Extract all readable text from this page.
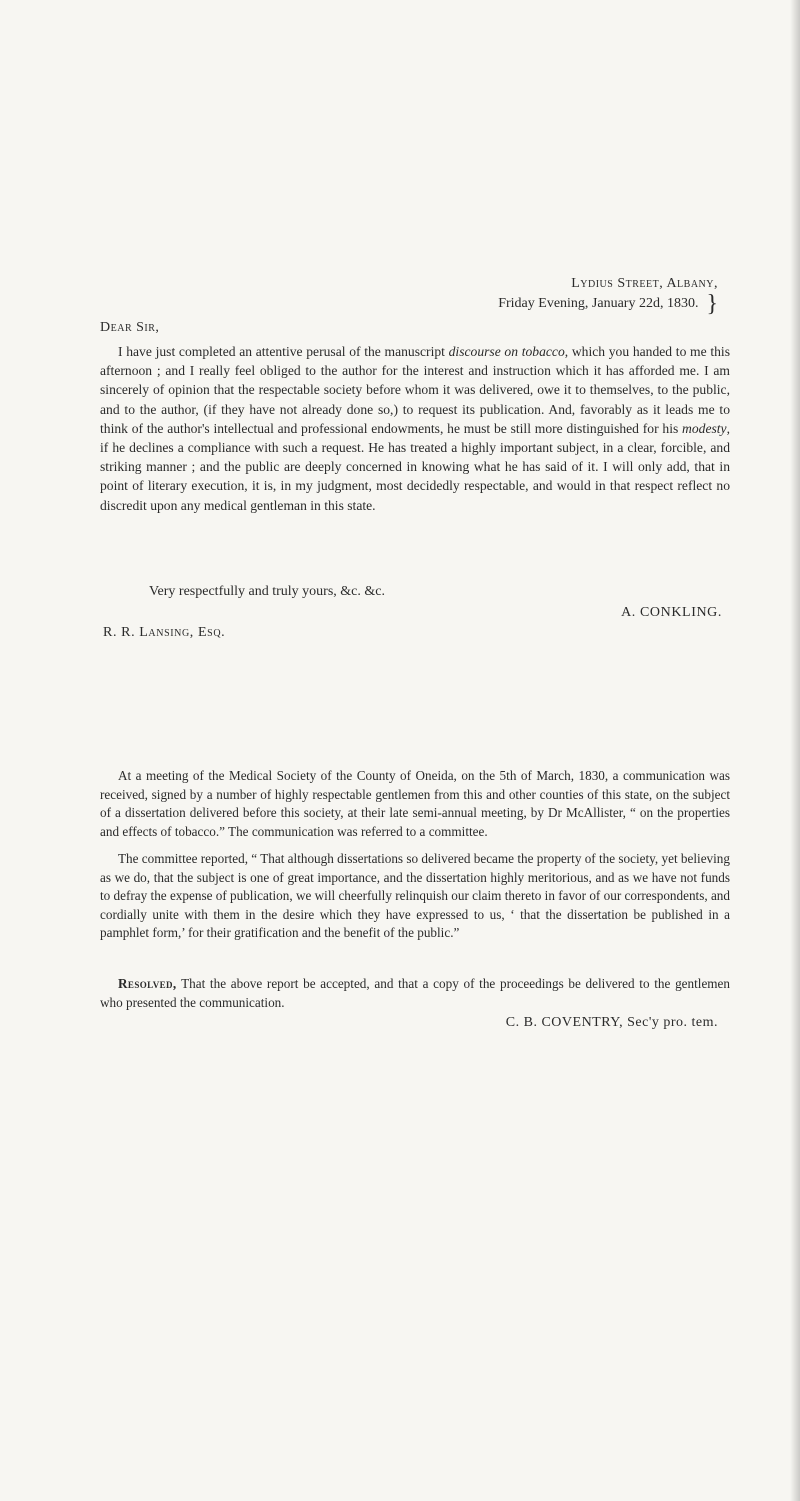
Lydius Street, Albany,
Friday Evening, January 22d, 1830. }
Dear Sir,
I have just completed an attentive perusal of the manuscript discourse on tobacco, which you handed to me this afternoon ; and I really feel obliged to the author for the interest and instruction which it has afforded me. I am sincerely of opinion that the respectable society before whom it was delivered, owe it to themselves, to the public, and to the author, (if they have not already done so,) to request its publication. And, favorably as it leads me to think of the author's intellectual and professional endowments, he must be still more distinguished for his modesty, if he declines a compliance with such a request. He has treated a highly important subject, in a clear, forcible, and striking manner ; and the public are deeply concerned in knowing what he has said of it. I will only add, that in point of literary execution, it is, in my judgment, most decidedly respectable, and would in that respect reflect no discredit upon any medical gentleman in this state.
Very respectfully and truly yours, &c. &c.
A. CONKLING.
R. R. Lansing, Esq.
At a meeting of the Medical Society of the County of Oneida, on the 5th of March, 1830, a communication was received, signed by a number of highly respectable gentlemen from this and other counties of this state, on the subject of a dissertation delivered before this society, at their late semi-annual meeting, by Dr McAllister, “ on the properties and effects of tobacco.” The communication was referred to a committee.
The committee reported, “ That although dissertations so delivered became the property of the society, yet believing as we do, that the subject is one of great importance, and the dissertation highly meritorious, and as we have not funds to defray the expense of publication, we will cheerfully relinquish our claim thereto in favor of our correspondents, and cordially unite with them in the desire which they have expressed to us, ‘ that the dissertation be published in a pamphlet form,’ for their gratification and the benefit of the public.”
Resolved, That the above report be accepted, and that a copy of the proceedings be delivered to the gentlemen who presented the communication.
C. B. COVENTRY, Sec'y pro. tem.
